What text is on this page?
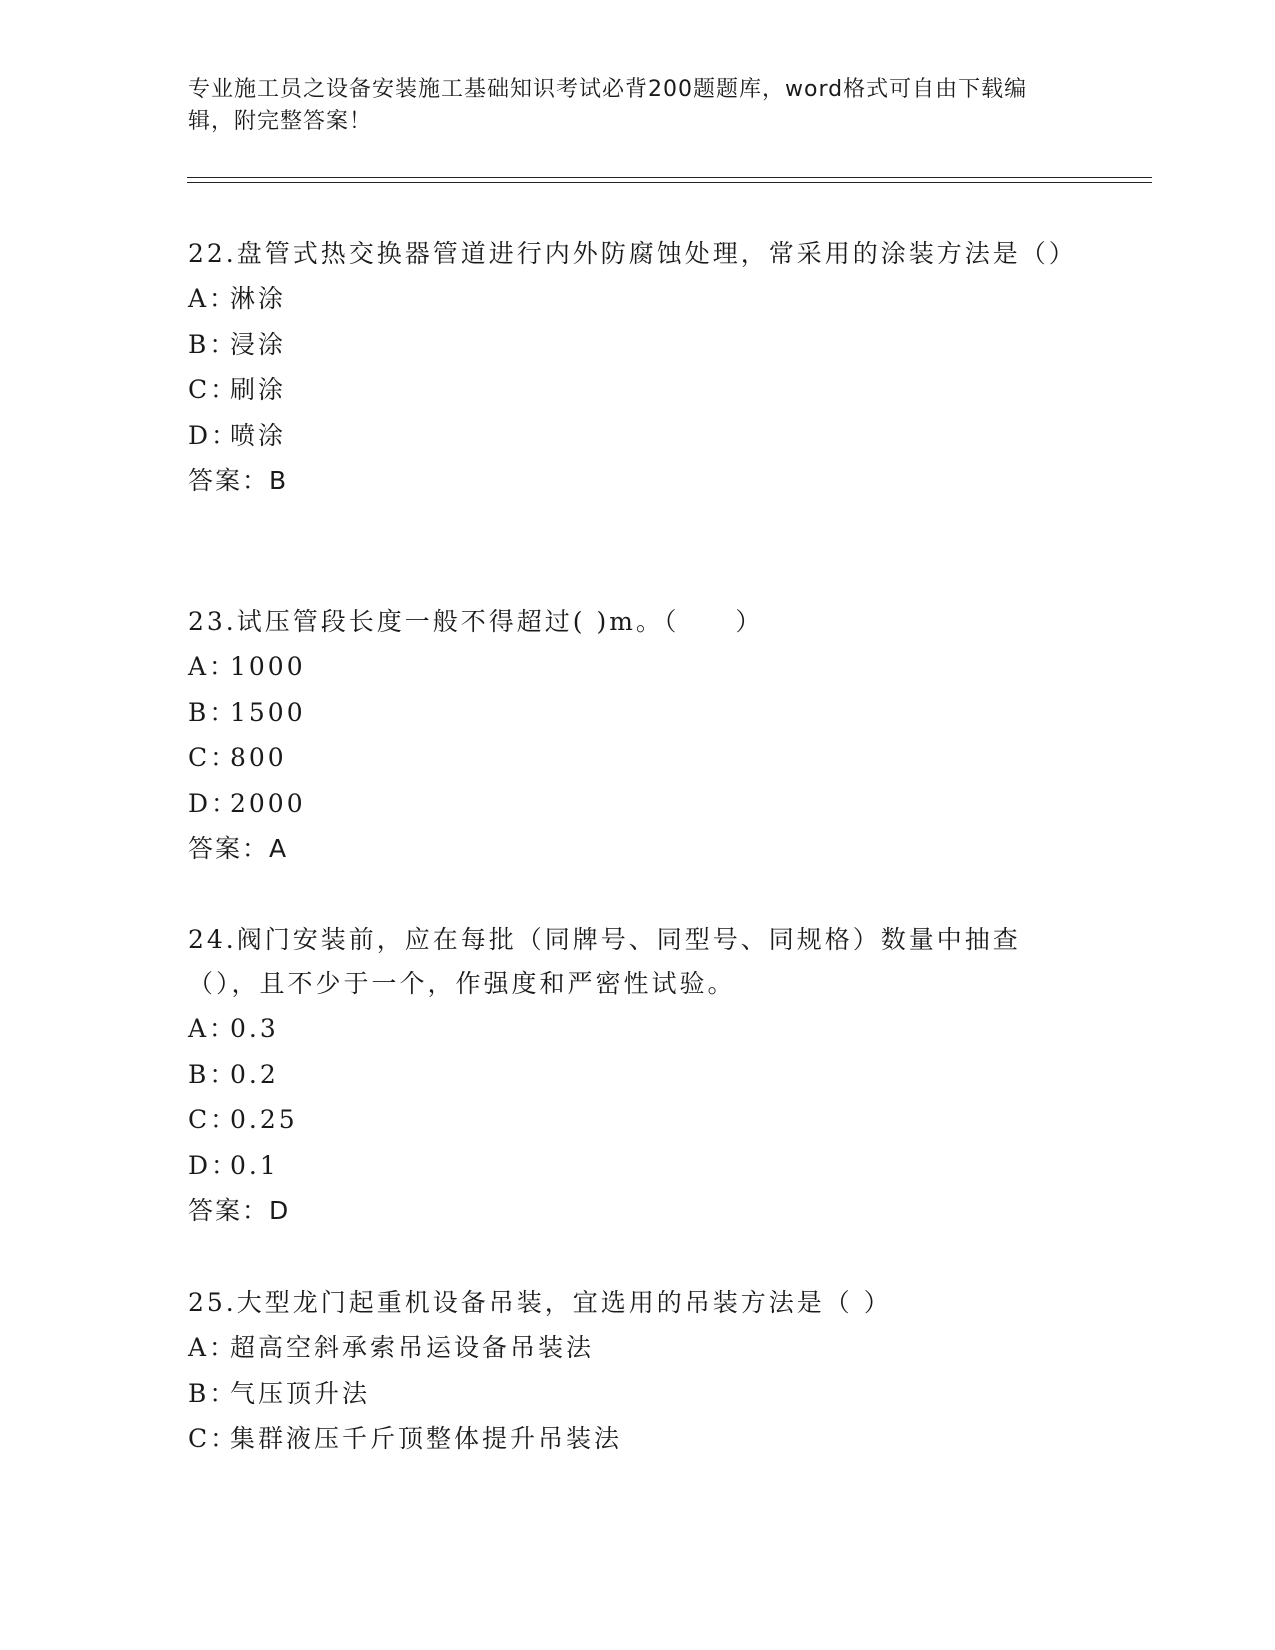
专业施工员之设备安装施工基础知识考试必背200题题库，word格式可自由下载编辑，附完整答案！
22.盘管式热交换器管道进行内外防腐蚀处理，常采用的涂装方法是（）
A：淋涂
B：浸涂
C：刷涂
D：喷涂
答案：B
23.试压管段长度一般不得超过( )m。（　　）
A：1000
B：1500
C：800
D：2000
答案：A
24.阀门安装前，应在每批（同牌号、同型号、同规格）数量中抽查（），且不少于一个，作强度和严密性试验。
A：0.3
B：0.2
C：0.25
D：0.1
答案：D
25.大型龙门起重机设备吊装，宜选用的吊装方法是（ ）
A：超高空斜承索吊运设备吊装法
B：气压顶升法
C：集群液压千斤顶整体提升吊装法
